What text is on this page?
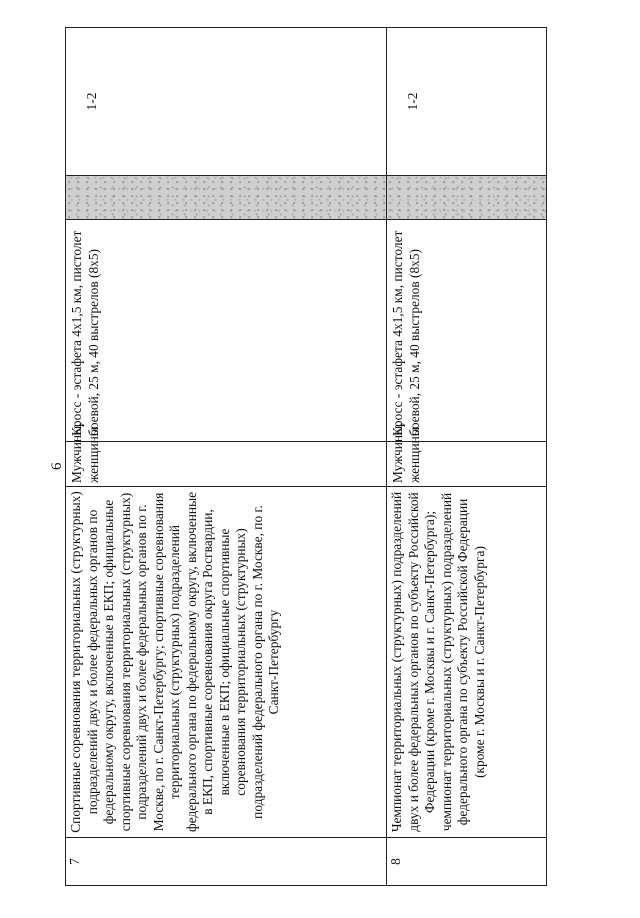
6
7	Спортивные соревнования территориальных (структурных) подразделений двух и более федеральных органов по федеральному округу, включенные в ЕКП; официальные спортивные соревнования территориальных (структурных) подразделений двух и более федеральных органов по г. Москве, по г. Санкт-Петербургу; спортивные соревнования территориальных (структурных) подразделений федерального органа по федеральному округу, включенные в ЕКП, спортивные соревнования округа Росгвардии, включенные в ЕКП; официальные спортивные соревнования территориальных (структурных) подразделений федерального органа по г. Москве, по г. Санкт-Петербургу	Мужчины, женщины	Кросс - эстафета 4х1,5 км, пистолет боевой, 25 м, 40 выстрелов (8х5)		1-2
8	Чемпионат территориальных (структурных) подразделений двух и более федеральных органов по субъекту Российской Федерации (кроме г. Москвы и г. Санкт-Петербурга); чемпионат территориальных (структурных) подразделений федерального органа по субъекту Российской Федерации (кроме г. Москвы и г. Санкт-Петербурга)	Мужчины, женщины	Кросс - эстафета 4х1,5 км, пистолет боевой, 25 м, 40 выстрелов (8х5)		1-2
